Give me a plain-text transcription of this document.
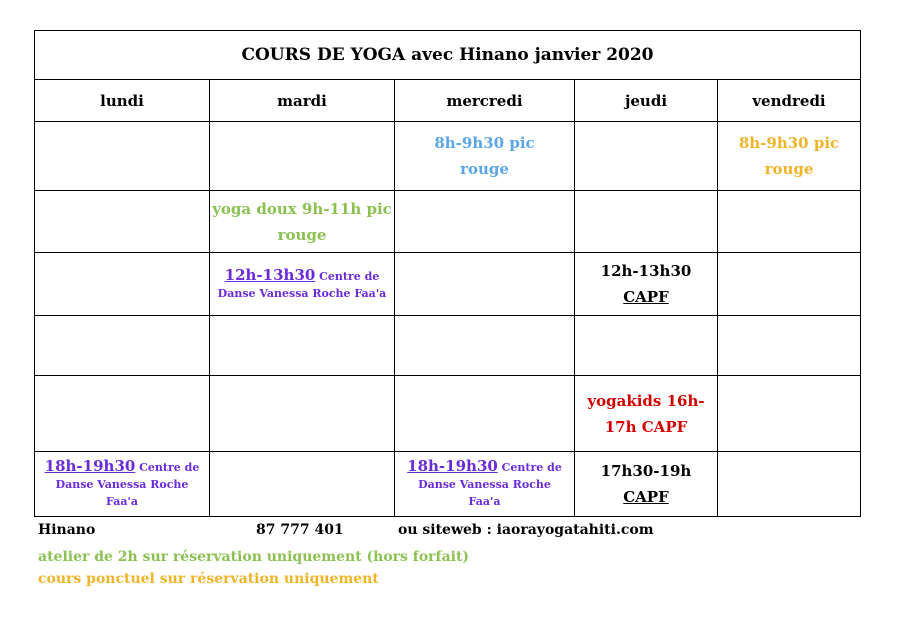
COURS DE YOGA avec Hinano janvier 2020				
lundi	mardi	mercredi	jeudi	vendredi

		8h-9h30 pic rouge		8h-9h30 pic rouge

	yoga doux 9h-11h pic rouge			

	12h-13h30 Centre de Danse Vanessa Roche Faa'a		12h-13h30
CAPF	

			yogakids 16h-17h CAPF	

18h-19h30 Centre de Danse Vanessa Roche Faa'a		18h-19h30 Centre de Danse Vanessa Roche Faa'a	17h30-19h
CAPF	

Hinano	87 777 401	ou siteweb : iaorayogatahiti.com
atelier de 2h sur réservation uniquement (hors forfait)
cours ponctuel sur réservation uniquement
